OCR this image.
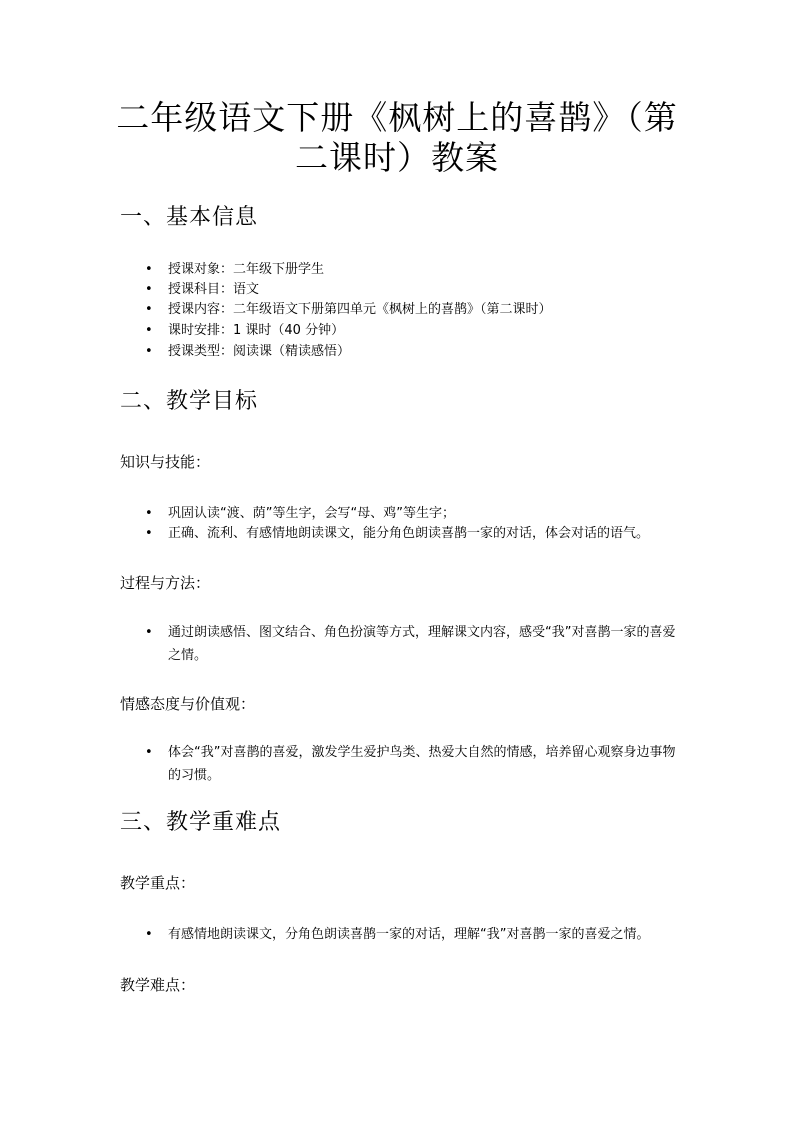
二年级语文下册《枫树上的喜鹊》（第
二课时）教案
一、基本信息
• 授课对象：二年级下册学生
• 授课科目：语文
• 授课内容：二年级语文下册第四单元《枫树上的喜鹊》（第二课时）
• 课时安排：1 课时（40 分钟）
• 授课类型：阅读课（精读感悟）
二、教学目标
知识与技能：
• 巩固认读“渡、荫”等生字，会写“母、鸡”等生字；
• 正确、流利、有感情地朗读课文，能分角色朗读喜鹊一家的对话，体会对话的语气。
过程与方法：
• 通过朗读感悟、图文结合、角色扮演等方式，理解课文内容，感受“我”对喜鹊一家的喜爱之情。
情感态度与价值观：
• 体会“我”对喜鹊的喜爱，激发学生爱护鸟类、热爱大自然的情感，培养留心观察身边事物的习惯。
三、教学重难点
教学重点：
• 有感情地朗读课文，分角色朗读喜鹊一家的对话，理解“我”对喜鹊一家的喜爱之情。
教学难点：
